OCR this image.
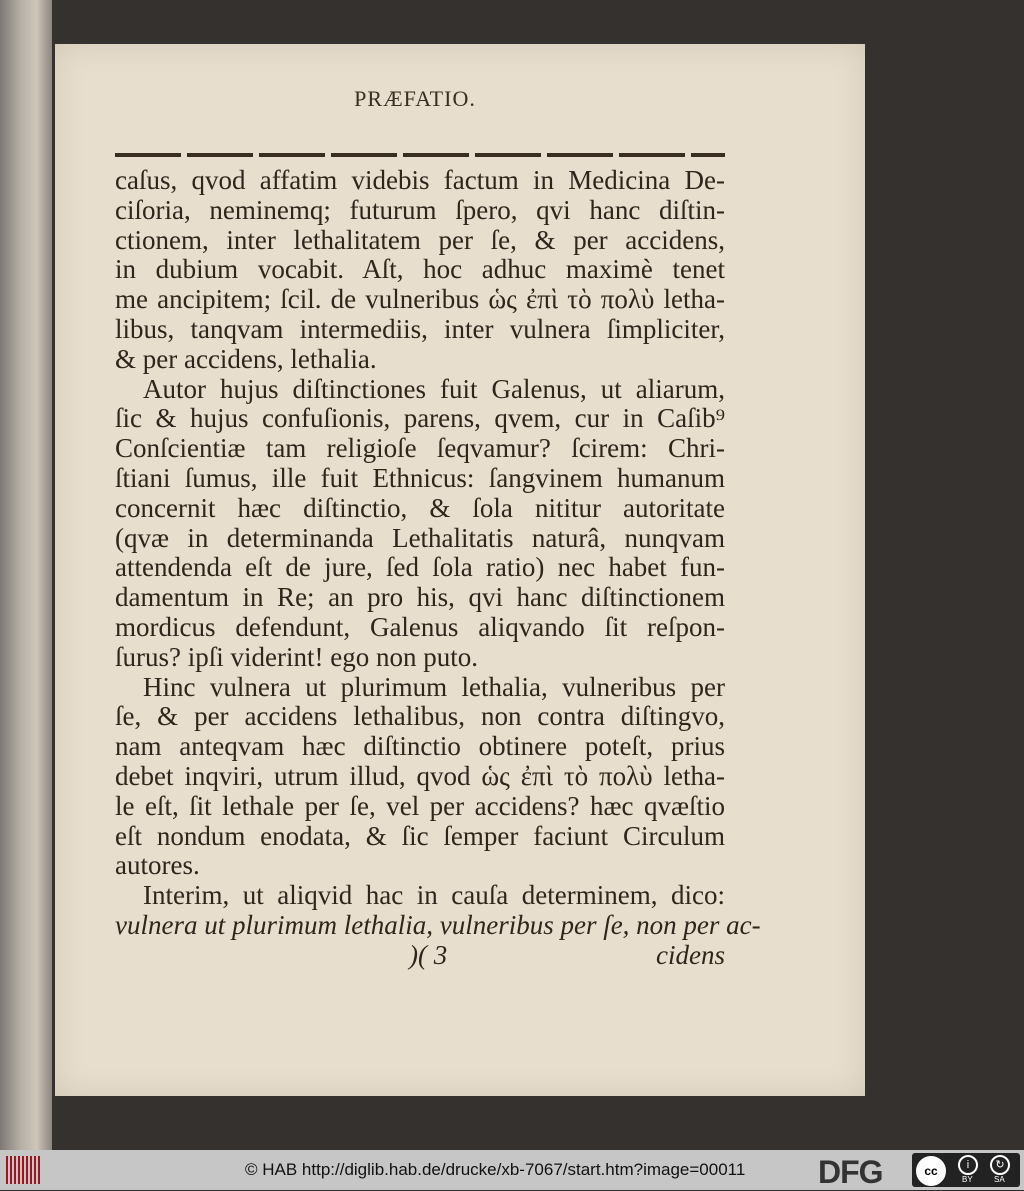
PRÆFATIO.
caſus, qvod affatim videbis factum in Medicina De-
ciſoria, neminemq; futurum ſpero, qvi hanc diſtin-
ctionem, inter lethalitatem per ſe, & per accidens,
in dubium vocabit. Aſt, hoc adhuc maximè tenet
me ancipitem; ſcil. de vulneribus ὡς ἐπὶ τὸ πολὺ letha-
libus, tanqvam intermediis, inter vulnera ſimpliciter,
& per accidens, lethalia.
Autor hujus diſtinctiones fuit Galenus, ut aliarum,
ſic & hujus confuſionis, parens, qvem, cur in Caſib⁹
Conſcientiæ tam religioſe ſeqvamur? ſcirem: Chri-
ſtiani ſumus, ille fuit Ethnicus: ſangvinem humanum
concernit hæc diſtinctio, & ſola nititur autoritate
(qvæ in determinanda Lethalitatis naturâ, nunqvam
attendenda eſt de jure, ſed ſola ratio) nec habet fun-
damentum in Re; an pro his, qvi hanc diſtinctionem
mordicus defendunt, Galenus aliqvando ſit reſpon-
ſurus? ipſi viderint! ego non puto.
Hinc vulnera ut plurimum lethalia, vulneribus per
ſe, & per accidens lethalibus, non contra diſtingvo,
nam anteqvam hæc diſtinctio obtinere poteſt, prius
debet inqviri, utrum illud, qvod ὡς ἐπὶ τὸ πολὺ letha-
le eſt, ſit lethale per ſe, vel per accidens? hæc qvæſtio
eſt nondum enodata, & ſic ſemper faciunt Circulum
autores.
Interim, ut aliqvid hac in cauſa determinem, dico:
vulnera ut plurimum lethalia, vulneribus per ſe, non per ac-
)( 3	cidens
© HAB http://diglib.hab.de/drucke/xb-7067/start.htm?image=00011 DFG	cc	i	↻
BY	SA
